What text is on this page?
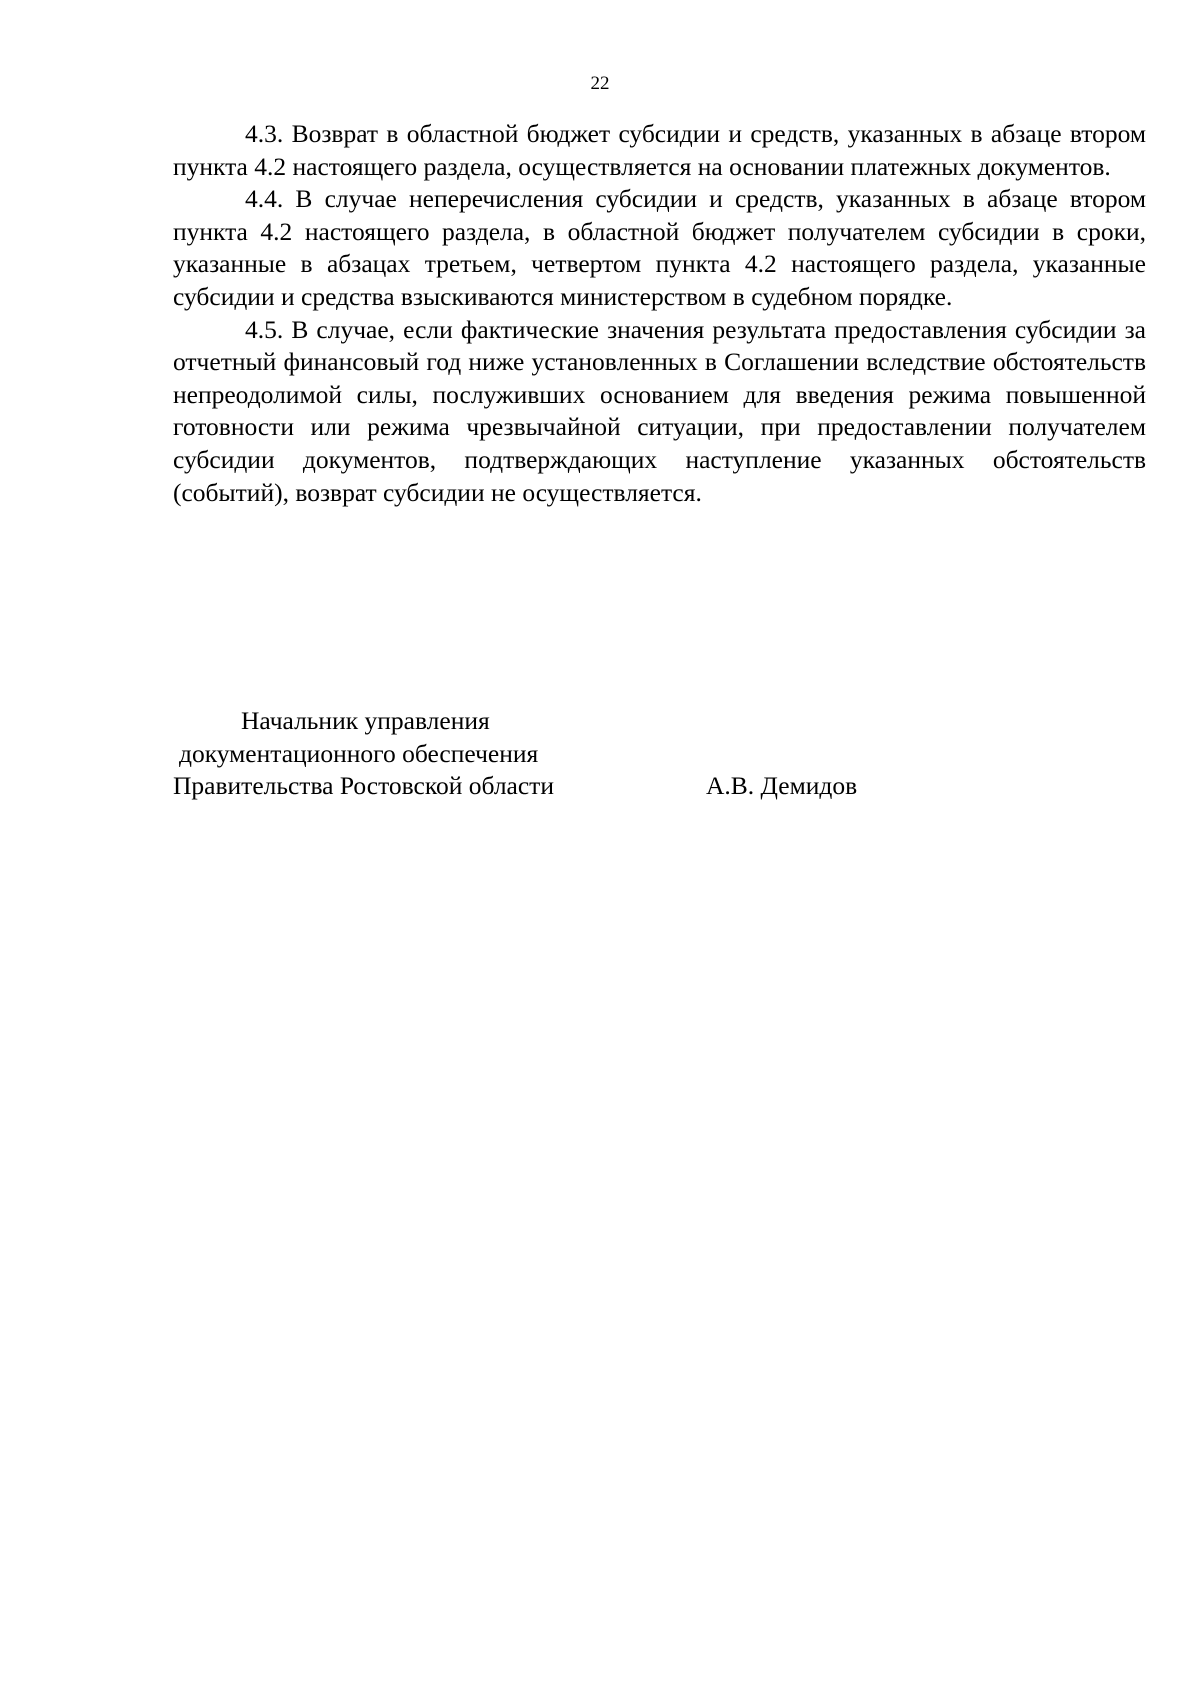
22

4.3. Возврат в областной бюджет субсидии и средств, указанных в абзаце втором пункта 4.2 настоящего раздела, осуществляется на основании платежных документов.

4.4. В случае неперечисления субсидии и средств, указанных в абзаце втором пункта 4.2 настоящего раздела, в областной бюджет получателем субсидии в сроки, указанные в абзацах третьем, четвертом пункта 4.2 настоящего раздела, указанные субсидии и средства взыскиваются министерством в судебном порядке.

4.5. В случае, если фактические значения результата предоставления субсидии за отчетный финансовый год ниже установленных в Соглашении вследствие обстоятельств непреодолимой силы, послуживших основанием для введения режима повышенной готовности или режима чрезвычайной ситуации, при предоставлении получателем субсидии документов, подтверждающих наступление указанных обстоятельств (событий), возврат субсидии не осуществляется.

Начальник управления
документационного обеспечения
Правительства Ростовской области	А.В. Демидов
